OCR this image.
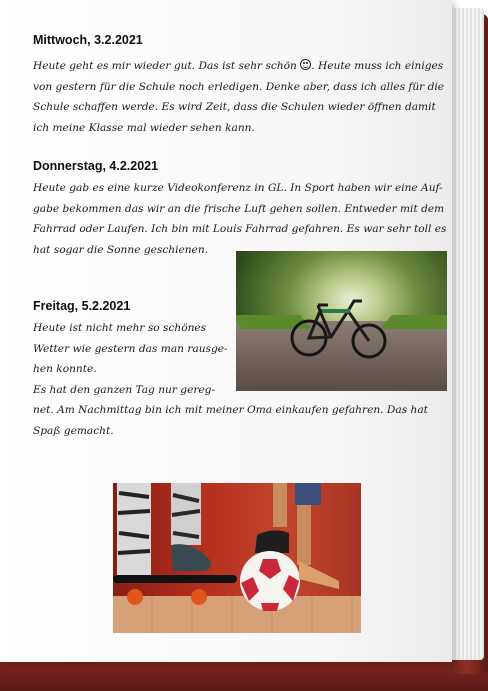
Mittwoch, 3.2.2021

Heute geht es mir wieder gut. Das ist sehr schön . Heute muss ich einiges
von gestern für die Schule noch erledigen. Denke aber, dass ich alles für die
Schule schaffen werde. Es wird Zeit, dass die Schulen wieder öffnen damit
ich meine Klasse mal wieder sehen kann.

Donnerstag, 4.2.2021

Heute gab es eine kurze Videokonferenz in GL. In Sport haben wir eine Auf-
gabe bekommen das wir an die frische Luft gehen sollen. Entweder mit dem
Fahrrad oder Laufen. Ich bin mit Louis Fahrrad gefahren. Es war sehr toll es
hat sogar die Sonne geschienen.

Freitag, 5.2.2021

Heute ist nicht mehr so schönes
Wetter wie gestern das man rausge-
hen konnte.
Es hat den ganzen Tag nur gereg-
net. Am Nachmittag bin ich mit meiner Oma einkaufen gefahren. Das hat
Spaß gemacht.
